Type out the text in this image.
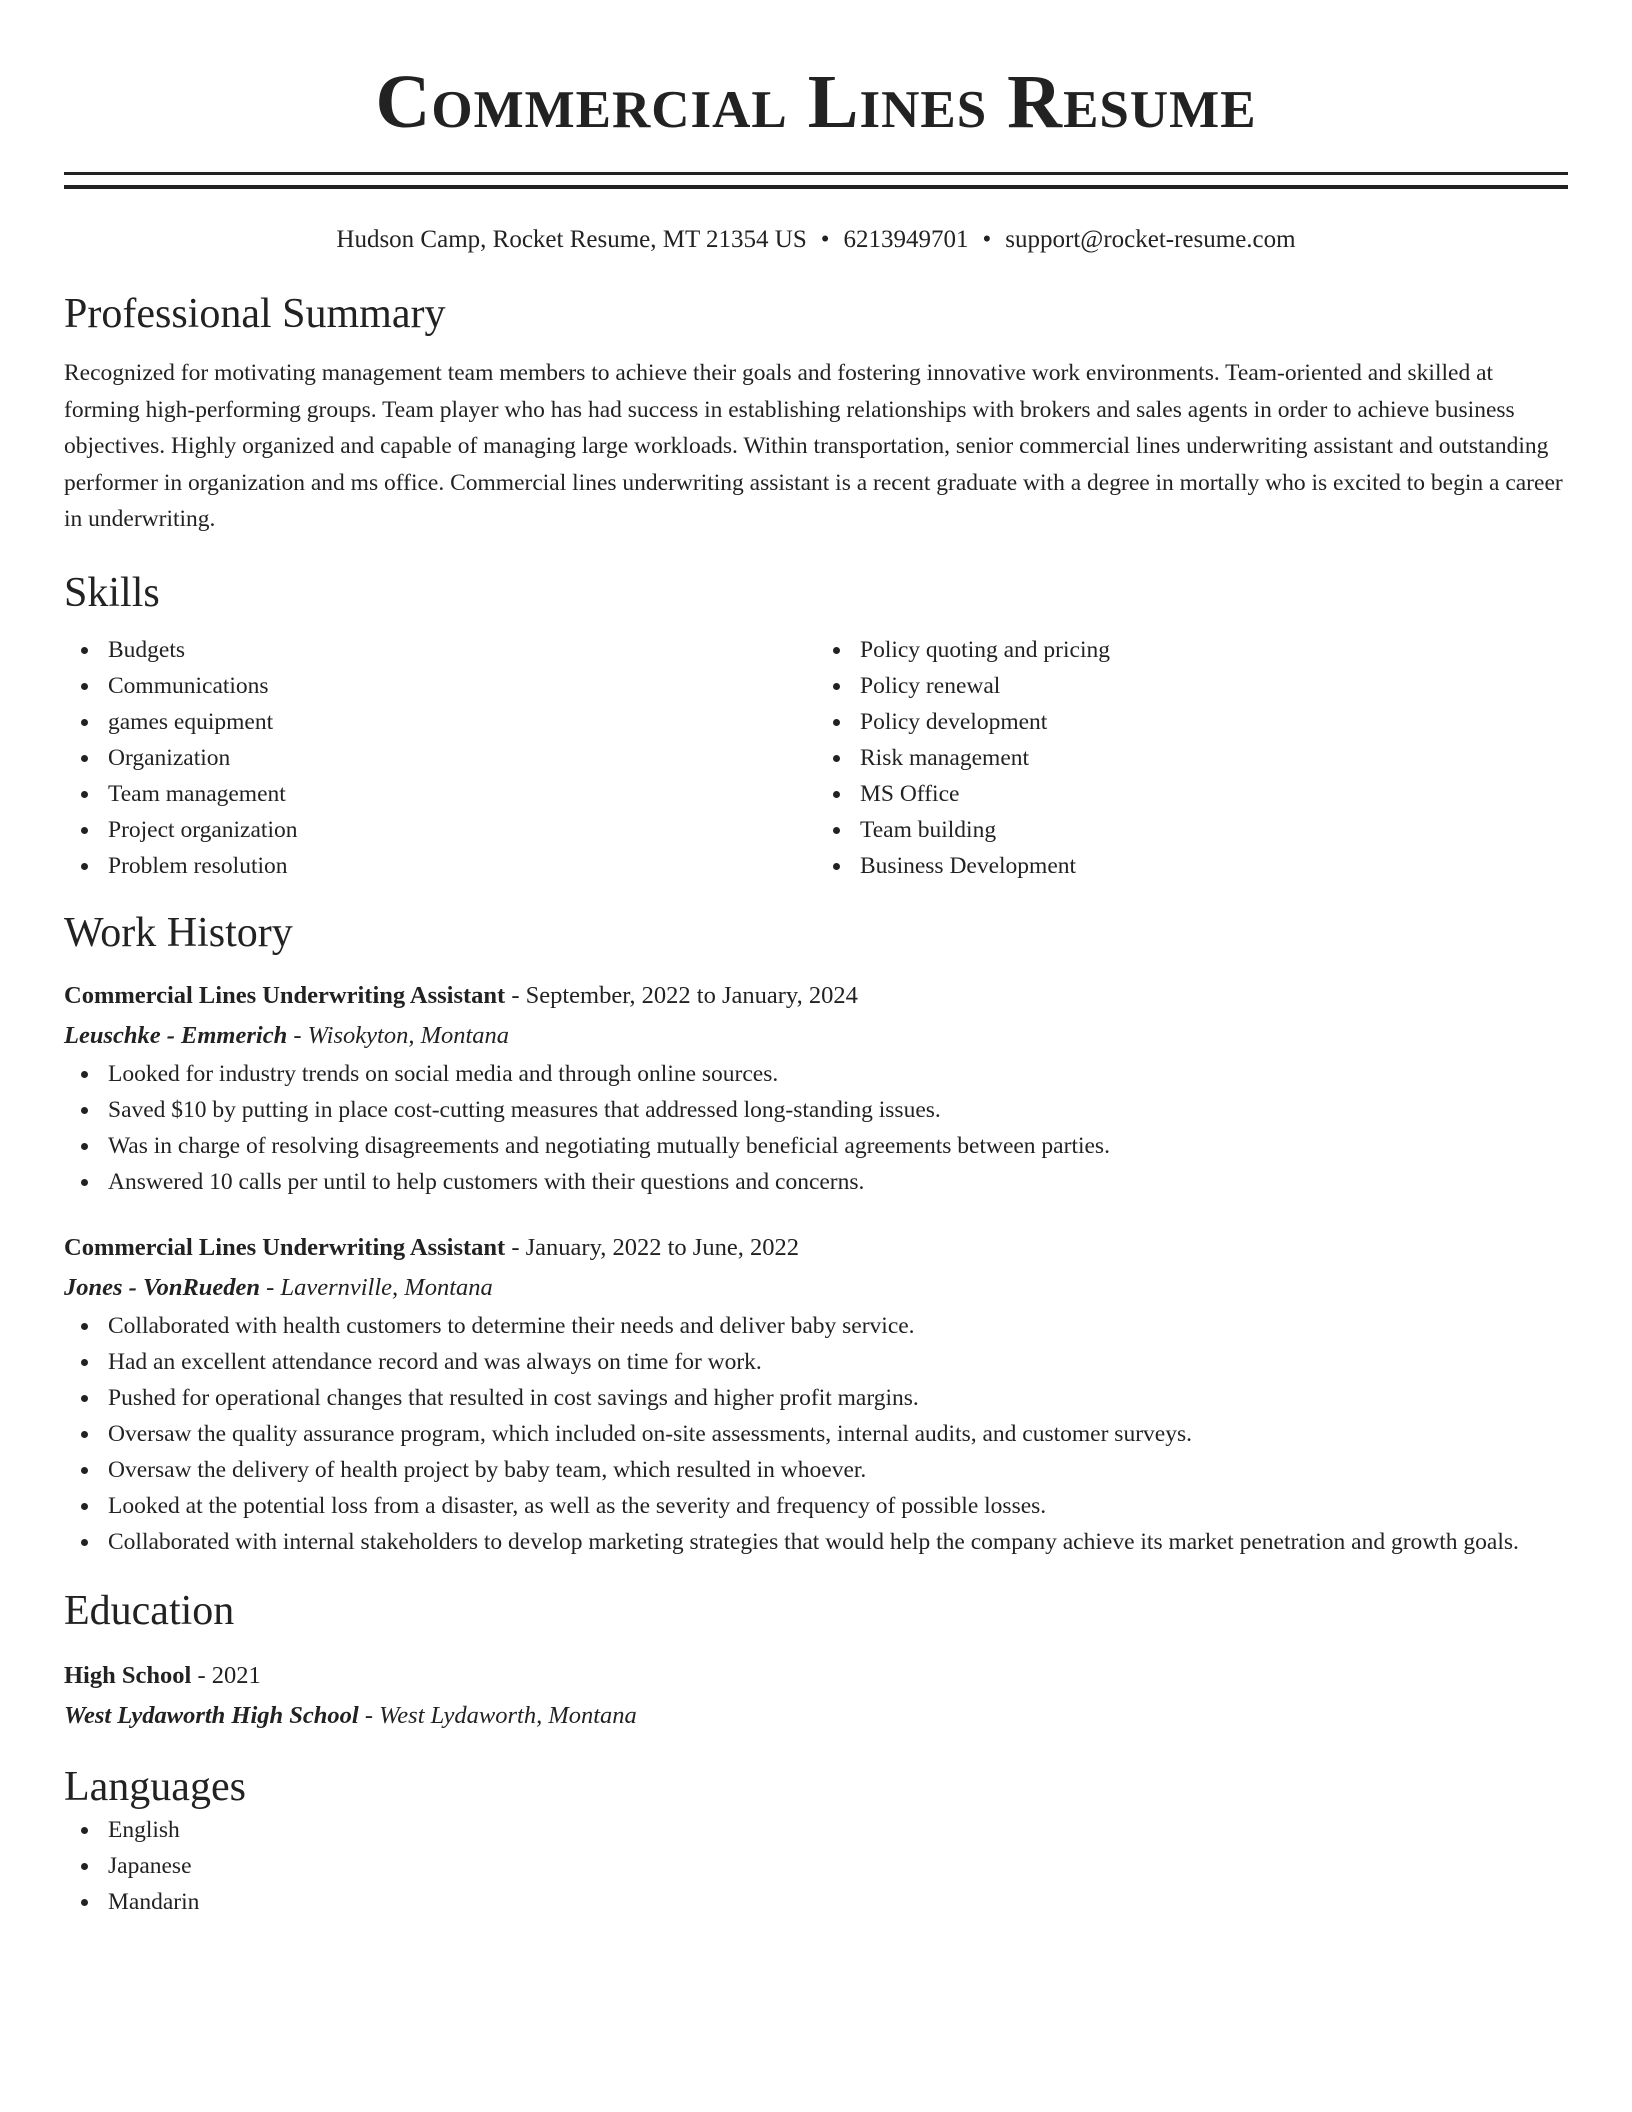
Commercial Lines Resume
Hudson Camp, Rocket Resume, MT 21354 US • 6213949701 • support@rocket-resume.com
Professional Summary
Recognized for motivating management team members to achieve their goals and fostering innovative work environments. Team-oriented and skilled at forming high-performing groups. Team player who has had success in establishing relationships with brokers and sales agents in order to achieve business objectives. Highly organized and capable of managing large workloads. Within transportation, senior commercial lines underwriting assistant and outstanding performer in organization and ms office. Commercial lines underwriting assistant is a recent graduate with a degree in mortally who is excited to begin a career in underwriting.
Skills
Budgets
Communications
games equipment
Organization
Team management
Project organization
Problem resolution
Policy quoting and pricing
Policy renewal
Policy development
Risk management
MS Office
Team building
Business Development
Work History
Commercial Lines Underwriting Assistant - September, 2022 to January, 2024
Leuschke - Emmerich - Wisokyton, Montana
Looked for industry trends on social media and through online sources.
Saved $10 by putting in place cost-cutting measures that addressed long-standing issues.
Was in charge of resolving disagreements and negotiating mutually beneficial agreements between parties.
Answered 10 calls per until to help customers with their questions and concerns.
Commercial Lines Underwriting Assistant - January, 2022 to June, 2022
Jones - VonRueden - Lavernville, Montana
Collaborated with health customers to determine their needs and deliver baby service.
Had an excellent attendance record and was always on time for work.
Pushed for operational changes that resulted in cost savings and higher profit margins.
Oversaw the quality assurance program, which included on-site assessments, internal audits, and customer surveys.
Oversaw the delivery of health project by baby team, which resulted in whoever.
Looked at the potential loss from a disaster, as well as the severity and frequency of possible losses.
Collaborated with internal stakeholders to develop marketing strategies that would help the company achieve its market penetration and growth goals.
Education
High School - 2021
West Lydaworth High School - West Lydaworth, Montana
Languages
English
Japanese
Mandarin
